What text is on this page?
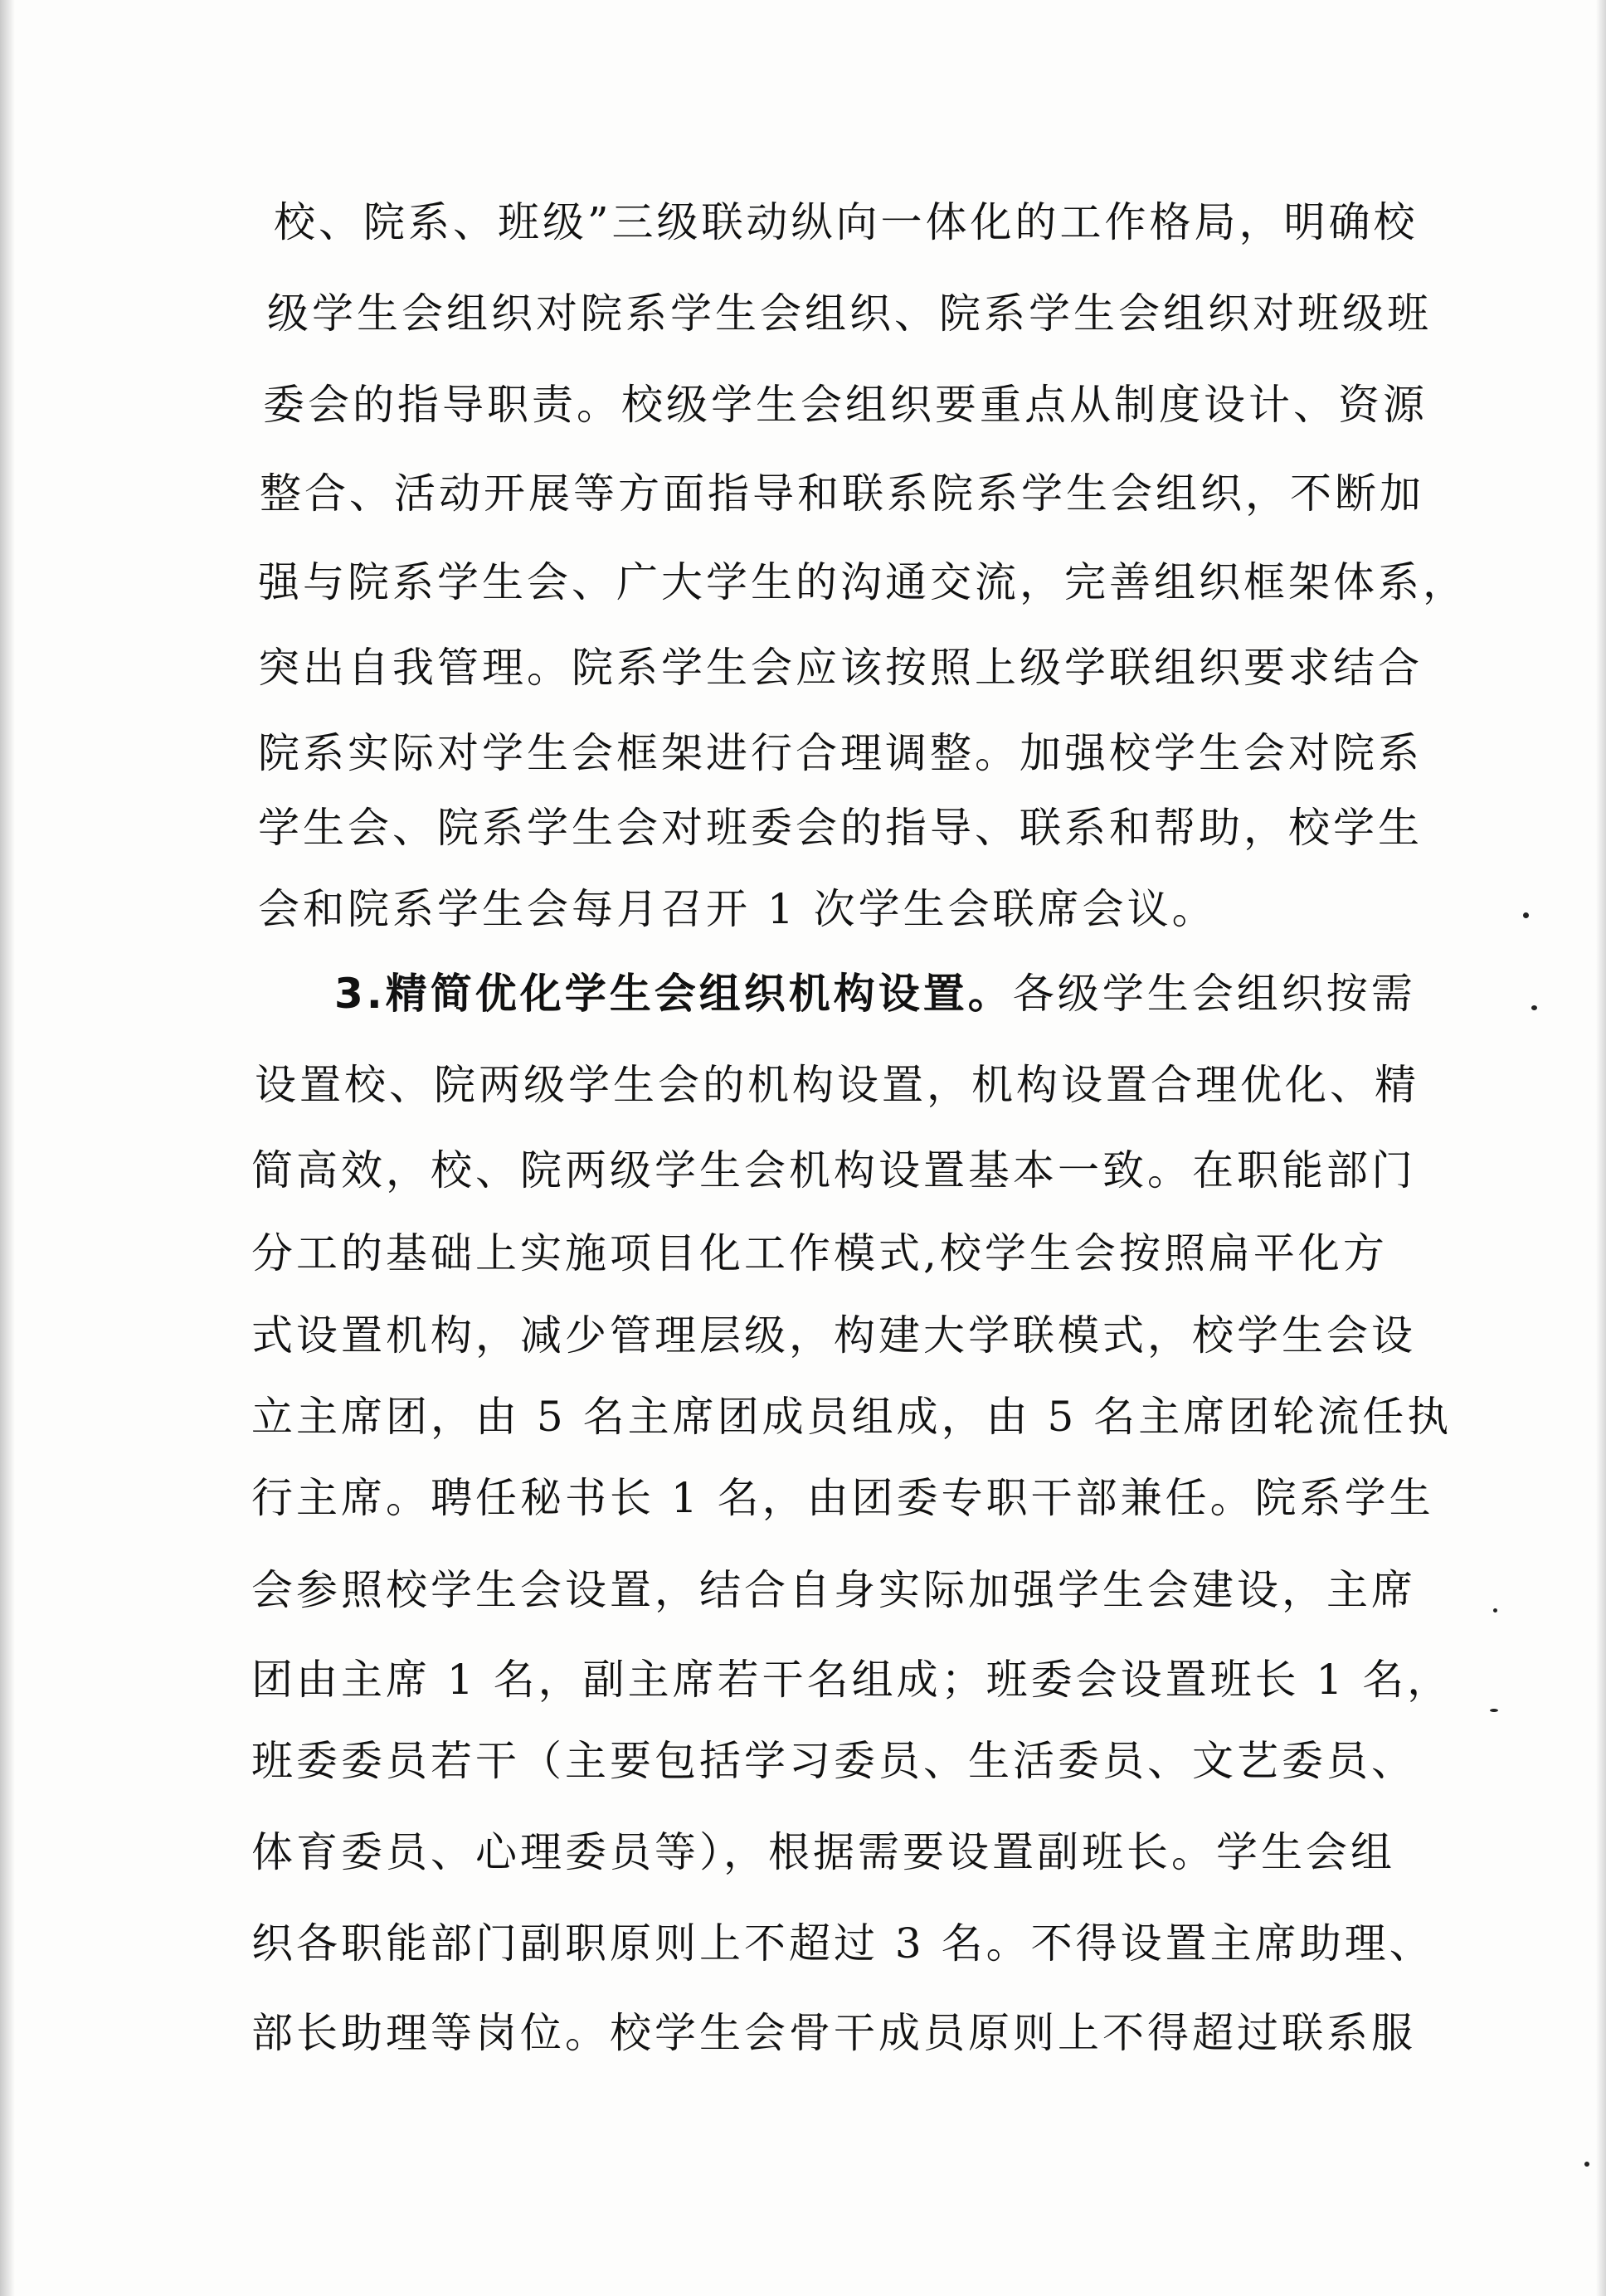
校、院系、班级”三级联动纵向一体化的工作格局，明确校
级学生会组织对院系学生会组织、院系学生会组织对班级班
委会的指导职责。校级学生会组织要重点从制度设计、资源
整合、活动开展等方面指导和联系院系学生会组织，不断加
强与院系学生会、广大学生的沟通交流，完善组织框架体系，
突出自我管理。院系学生会应该按照上级学联组织要求结合
院系实际对学生会框架进行合理调整。加强校学生会对院系
学生会、院系学生会对班委会的指导、联系和帮助，校学生
会和院系学生会每月召开 1 次学生会联席会议。
3.精简优化学生会组织机构设置。各级学生会组织按需
设置校、院两级学生会的机构设置，机构设置合理优化、精
简高效，校、院两级学生会机构设置基本一致。在职能部门
分工的基础上实施项目化工作模式,校学生会按照扁平化方
式设置机构，减少管理层级，构建大学联模式，校学生会设
立主席团，由 5 名主席团成员组成，由 5 名主席团轮流任执
行主席。聘任秘书长 1 名，由团委专职干部兼任。院系学生
会参照校学生会设置，结合自身实际加强学生会建设，主席
团由主席 1 名，副主席若干名组成；班委会设置班长 1 名，
班委委员若干（主要包括学习委员、生活委员、文艺委员、
体育委员、心理委员等），根据需要设置副班长。学生会组
织各职能部门副职原则上不超过 3 名。不得设置主席助理、
部长助理等岗位。校学生会骨干成员原则上不得超过联系服
